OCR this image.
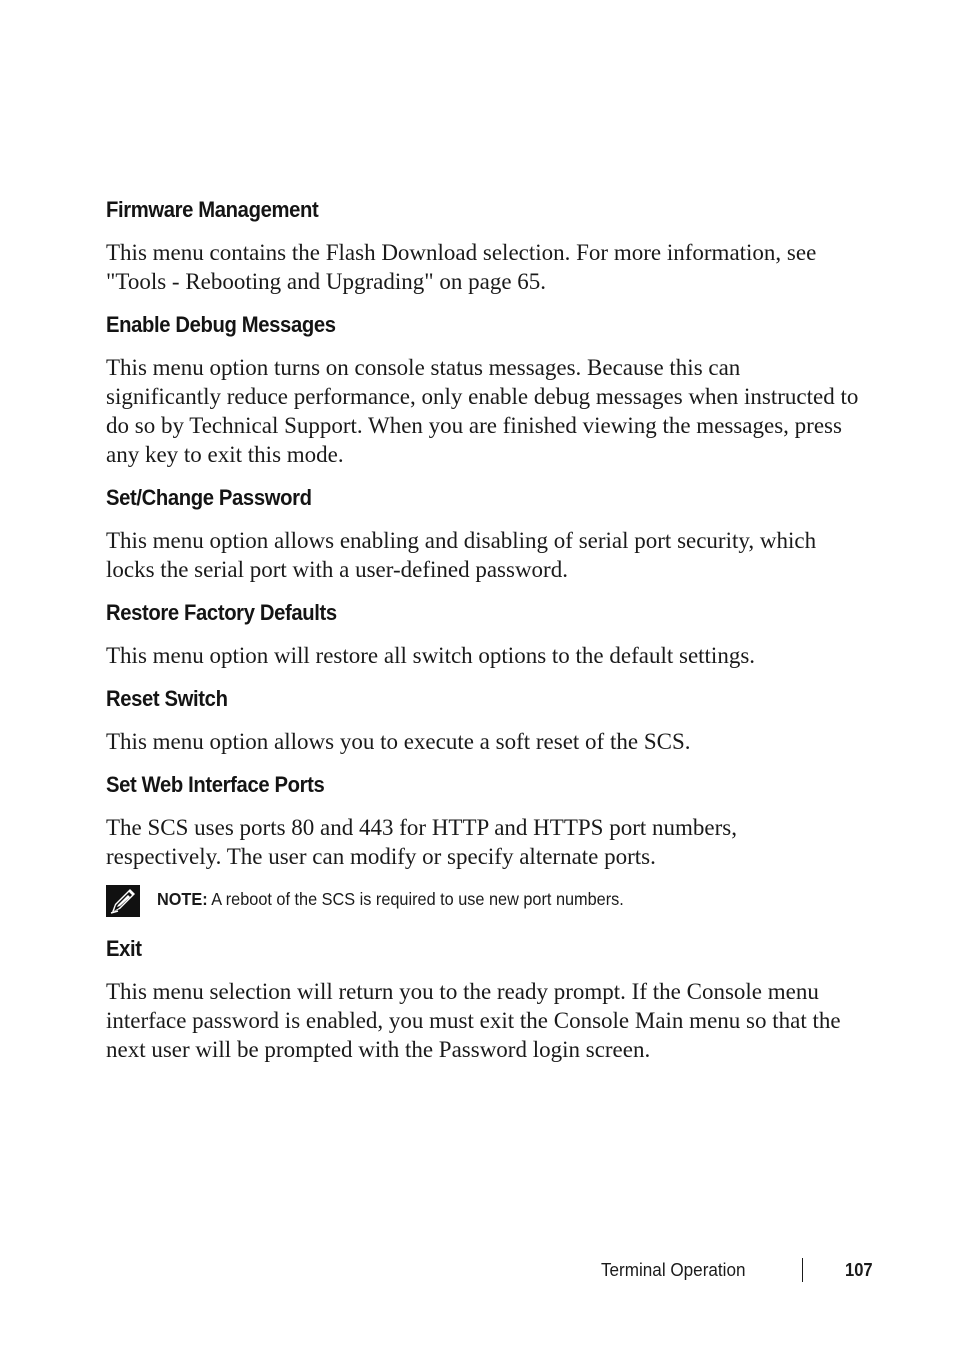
Firmware Management

This menu contains the Flash Download selection. For more information, see
"Tools - Rebooting and Upgrading" on page 65.

Enable Debug Messages

This menu option turns on console status messages. Because this can
significantly reduce performance, only enable debug messages when instructed to
do so by Technical Support. When you are finished viewing the messages, press
any key to exit this mode.

Set/Change Password

This menu option allows enabling and disabling of serial port security, which
locks the serial port with a user-defined password.

Restore Factory Defaults

This menu option will restore all switch options to the default settings.

Reset Switch

This menu option allows you to execute a soft reset of the SCS.

Set Web Interface Ports

The SCS uses ports 80 and 443 for HTTP and HTTPS port numbers,
respectively. The user can modify or specify alternate ports.

NOTE: A reboot of the SCS is required to use new port numbers.
Exit

This menu selection will return you to the ready prompt. If the Console menu
interface password is enabled, you must exit the Console Main menu so that the
next user will be prompted with the Password login screen.

Terminal Operation	107
